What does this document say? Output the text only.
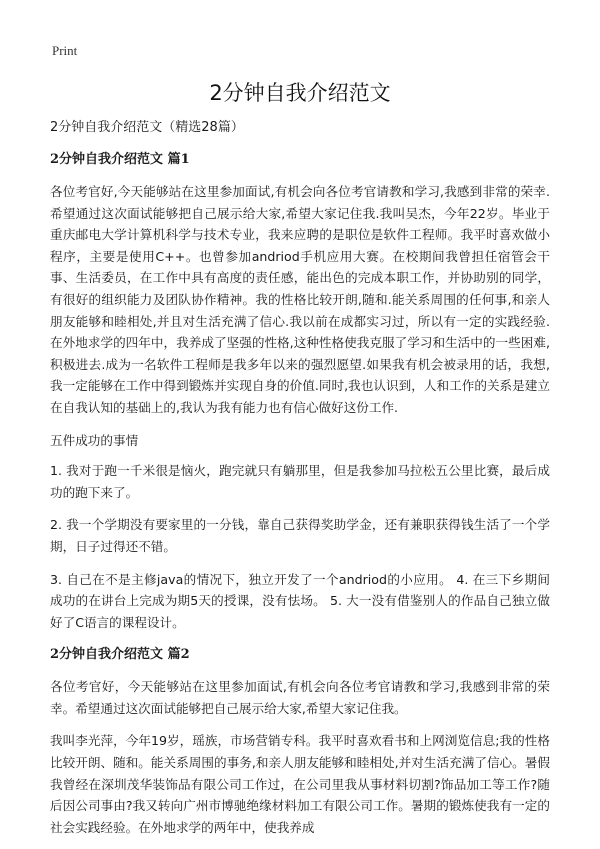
Print
2分钟自我介绍范文
2分钟自我介绍范文（精选28篇）
2分钟自我介绍范文 篇1
各位考官好,今天能够站在这里参加面试,有机会向各位考官请教和学习,我感到非常的荣幸.希望通过这次面试能够把自己展示给大家,希望大家记住我.我叫吴杰，今年22岁。毕业于重庆邮电大学计算机科学与技术专业，我来应聘的是职位是软件工程师。我平时喜欢做小程序，主要是使用C++。也曾参加andriod手机应用大赛。在校期间我曾担任宿管会干事、生活委员，在工作中具有高度的责任感，能出色的完成本职工作，并协助别的同学，有很好的组织能力及团队协作精神。我的性格比较开朗,随和.能关系周围的任何事,和亲人朋友能够和睦相处,并且对生活充满了信心.我以前在成都实习过，所以有一定的实践经验.在外地求学的四年中，我养成了坚强的性格,这种性格使我克服了学习和生活中的一些困难,积极进去.成为一名软件工程师是我多年以来的强烈愿望.如果我有机会被录用的话，我想,我一定能够在工作中得到锻炼并实现自身的价值.同时,我也认识到，人和工作的关系是建立在自我认知的基础上的,我认为我有能力也有信心做好这份工作.
五件成功的事情
1. 我对于跑一千米很是恼火，跑完就只有躺那里，但是我参加马拉松五公里比赛，最后成功的跑下来了。
2. 我一个学期没有要家里的一分钱，靠自己获得奖助学金，还有兼职获得钱生活了一个学期，日子过得还不错。
3. 自己在不是主修java的情况下，独立开发了一个andriod的小应用。 4. 在三下乡期间成功的在讲台上完成为期5天的授课，没有怯场。 5. 大一没有借鉴别人的作品自己独立做好了C语言的课程设计。
2分钟自我介绍范文 篇2
各位考官好，今天能够站在这里参加面试,有机会向各位考官请教和学习,我感到非常的荣幸。希望通过这次面试能够把自己展示给大家,希望大家记住我。
我叫李光萍，今年19岁，瑶族，市场营销专科。我平时喜欢看书和上网浏览信息;我的性格比较开朗、随和。能关系周围的事务,和亲人朋友能够和睦相处,并对生活充满了信心。暑假我曾经在深圳茂华装饰品有限公司工作过，在公司里我从事材料切割?饰品加工等工作?随后因公司事由?我又转向广州市博驰绝缘材料加工有限公司工作。暑期的锻炼使我有一定的社会实践经验。在外地求学的两年中，使我养成
